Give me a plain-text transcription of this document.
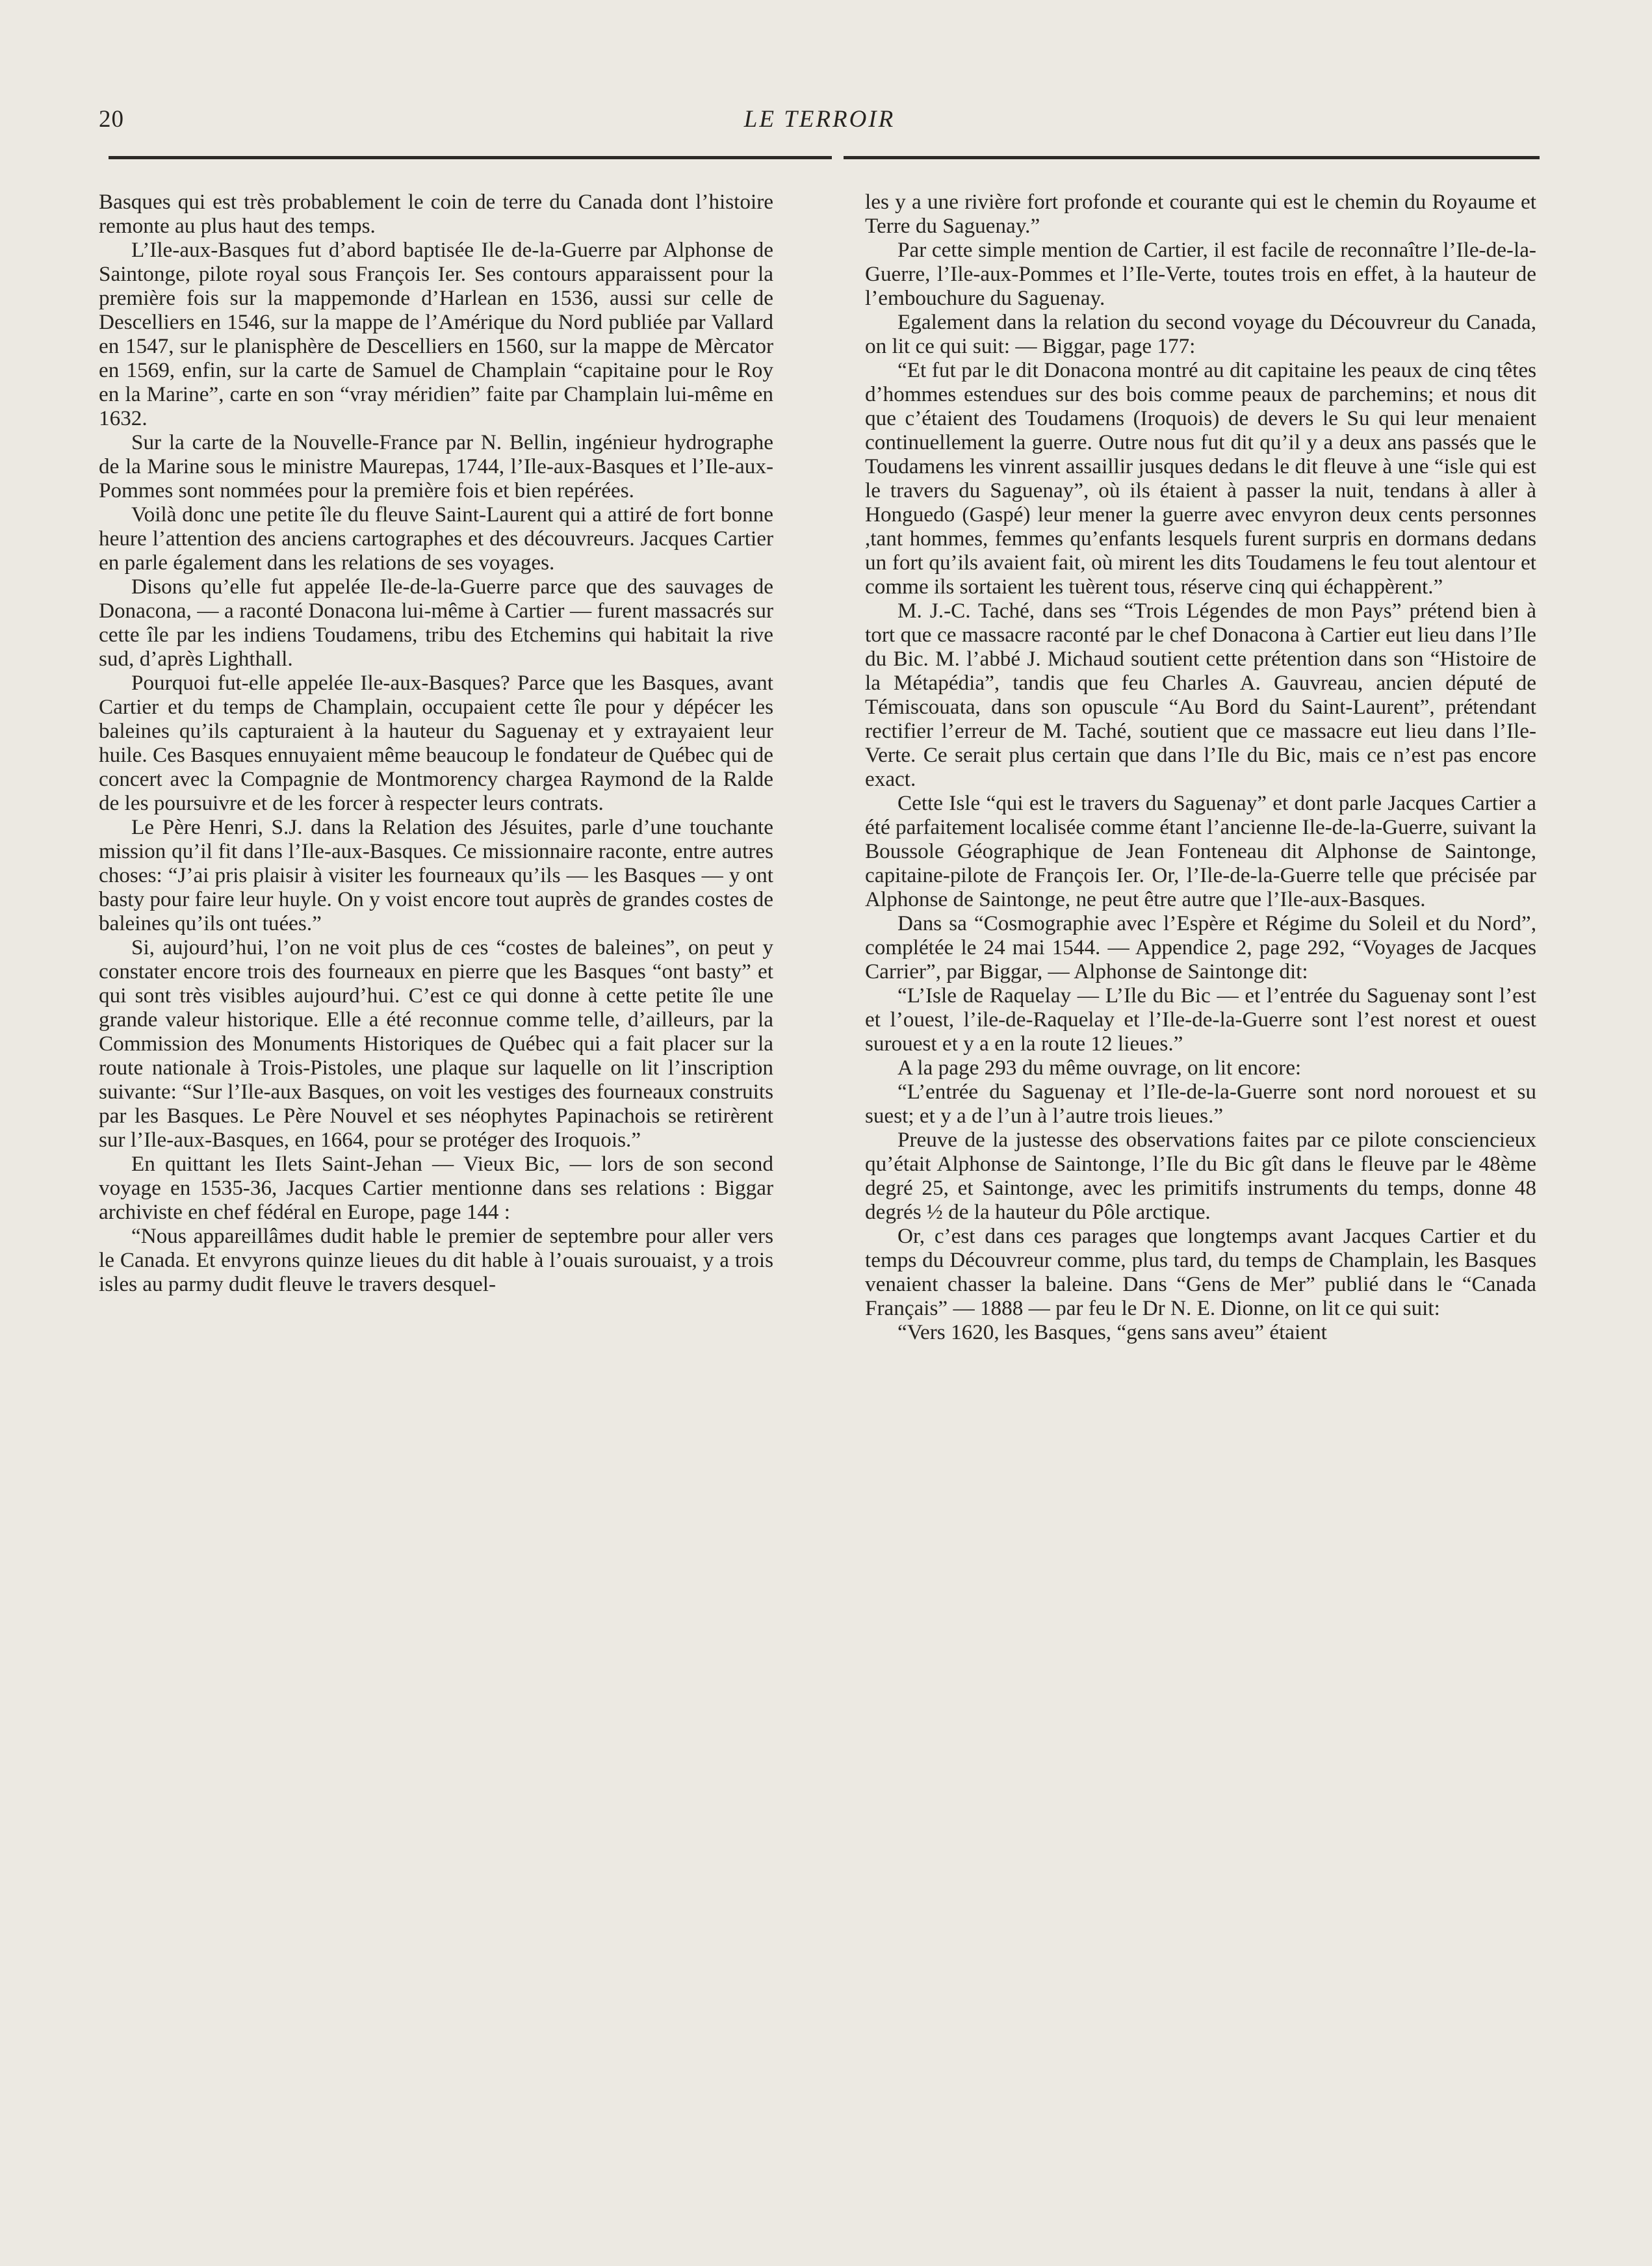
20	LE TERROIR

Basques qui est très probablement le coin de terre du Canada dont l’histoire remonte au plus haut des temps.

L’Ile-aux-Basques fut d’abord baptisée Ile de-la-Guerre par Alphonse de Saintonge, pilote royal sous François Ier. Ses contours apparaissent pour la première fois sur la mappemonde d’Harlean en 1536, aussi sur celle de Descelliers en 1546, sur la mappe de l’Amérique du Nord publiée par Vallard en 1547, sur le planisphère de Descelliers en 1560, sur la mappe de Mèrcator en 1569, enfin, sur la carte de Samuel de Champlain “capitaine pour le Roy en la Marine”, carte en son “vray méridien” faite par Champlain lui-même en 1632.

Sur la carte de la Nouvelle-France par N. Bellin, ingénieur hydrographe de la Marine sous le ministre Maurepas, 1744, l’Ile-aux-Basques et l’Ile-aux-Pommes sont nommées pour la première fois et bien repérées.

Voilà donc une petite île du fleuve Saint-Laurent qui a attiré de fort bonne heure l’attention des anciens cartographes et des découvreurs. Jacques Cartier en parle également dans les relations de ses voyages.

Disons qu’elle fut appelée Ile-de-la-Guerre parce que des sauvages de Donacona, — a raconté Donacona lui-même à Cartier — furent massacrés sur cette île par les indiens Toudamens, tribu des Etchemins qui habitait la rive sud, d’après Lighthall.

Pourquoi fut-elle appelée Ile-aux-Basques? Parce que les Basques, avant Cartier et du temps de Champlain, occupaient cette île pour y dépécer les baleines qu’ils capturaient à la hauteur du Saguenay et y extrayaient leur huile. Ces Basques ennuyaient même beaucoup le fondateur de Québec qui de concert avec la Compagnie de Montmorency chargea Raymond de la Ralde de les poursuivre et de les forcer à respecter leurs contrats.

Le Père Henri, S.J. dans la Relation des Jésuites, parle d’une touchante mission qu’il fit dans l’Ile-aux-Basques. Ce missionnaire raconte, entre autres choses: “J’ai pris plaisir à visiter les fourneaux qu’ils — les Basques — y ont basty pour faire leur huyle. On y voist encore tout auprès de grandes costes de baleines qu’ils ont tuées.”

Si, aujourd’hui, l’on ne voit plus de ces “costes de baleines”, on peut y constater encore trois des fourneaux en pierre que les Basques “ont basty” et qui sont très visibles aujourd’hui. C’est ce qui donne à cette petite île une grande valeur historique. Elle a été reconnue comme telle, d’ailleurs, par la Commission des Monuments Historiques de Québec qui a fait placer sur la route nationale à Trois-Pistoles, une plaque sur laquelle on lit l’inscription suivante: “Sur l’Ile-aux Basques, on voit les vestiges des fourneaux construits par les Basques. Le Père Nouvel et ses néophytes Papinachois se retirèrent sur l’Ile-aux-Basques, en 1664, pour se protéger des Iroquois.”

En quittant les Ilets Saint-Jehan — Vieux Bic, — lors de son second voyage en 1535-36, Jacques Cartier mentionne dans ses relations : Biggar archiviste en chef fédéral en Europe, page 144 :

“Nous appareillâmes dudit hable le premier de septembre pour aller vers le Canada. Et envyrons quinze lieues du dit hable à l’ouais surouaist, y a trois isles au parmy dudit fleuve le travers desquel-

les y a une rivière fort profonde et courante qui est le chemin du Royaume et Terre du Saguenay.”

Par cette simple mention de Cartier, il est facile de reconnaître l’Ile-de-la-Guerre, l’Ile-aux-Pommes et l’Ile-Verte, toutes trois en effet, à la hauteur de l’embouchure du Saguenay.

Egalement dans la relation du second voyage du Découvreur du Canada, on lit ce qui suit: — Biggar, page 177:

“Et fut par le dit Donacona montré au dit capitaine les peaux de cinq têtes d’hommes estendues sur des bois comme peaux de parchemins; et nous dit que c’étaient des Toudamens (Iroquois) de devers le Su qui leur menaient continuellement la guerre. Outre nous fut dit qu’il y a deux ans passés que le Toudamens les vinrent assaillir jusques dedans le dit fleuve à une “isle qui est le travers du Saguenay”, où ils étaient à passer la nuit, tendans à aller à Honguedo (Gaspé) leur mener la guerre avec envyron deux cents personnes ,tant hommes, femmes qu’enfants lesquels furent surpris en dormans dedans un fort qu’ils avaient fait, où mirent les dits Toudamens le feu tout alentour et comme ils sortaient les tuèrent tous, réserve cinq qui échappèrent.”

M. J.-C. Taché, dans ses “Trois Légendes de mon Pays” prétend bien à tort que ce massacre raconté par le chef Donacona à Cartier eut lieu dans l’Ile du Bic. M. l’abbé J. Michaud soutient cette prétention dans son “Histoire de la Métapédia”, tandis que feu Charles A. Gauvreau, ancien député de Témiscouata, dans son opuscule “Au Bord du Saint-Laurent”, prétendant rectifier l’erreur de M. Taché, soutient que ce massacre eut lieu dans l’Ile-Verte. Ce serait plus certain que dans l’Ile du Bic, mais ce n’est pas encore exact.

Cette Isle “qui est le travers du Saguenay” et dont parle Jacques Cartier a été parfaitement localisée comme étant l’ancienne Ile-de-la-Guerre, suivant la Boussole Géographique de Jean Fonteneau dit Alphonse de Saintonge, capitaine-pilote de François Ier. Or, l’Ile-de-la-Guerre telle que précisée par Alphonse de Saintonge, ne peut être autre que l’Ile-aux-Basques.

Dans sa “Cosmographie avec l’Espère et Régime du Soleil et du Nord”, complétée le 24 mai 1544. — Appendice 2, page 292, “Voyages de Jacques Carrier”, par Biggar, — Alphonse de Saintonge dit:

“L’Isle de Raquelay — L’Ile du Bic — et l’entrée du Saguenay sont l’est et l’ouest, l’ile-de-Raquelay et l’Ile-de-la-Guerre sont l’est norest et ouest surouest et y a en la route 12 lieues.”

A la page 293 du même ouvrage, on lit encore:

“L’entrée du Saguenay et l’Ile-de-la-Guerre sont nord norouest et su suest; et y a de l’un à l’autre trois lieues.”

Preuve de la justesse des observations faites par ce pilote consciencieux qu’était Alphonse de Saintonge, l’Ile du Bic gît dans le fleuve par le 48ème degré 25, et Saintonge, avec les primitifs instruments du temps, donne 48 degrés ½ de la hauteur du Pôle arctique.

Or, c’est dans ces parages que longtemps avant Jacques Cartier et du temps du Découvreur comme, plus tard, du temps de Champlain, les Basques venaient chasser la baleine. Dans “Gens de Mer” publié dans le “Canada Français” — 1888 — par feu le Dr N. E. Dionne, on lit ce qui suit:

“Vers 1620, les Basques, “gens sans aveu” étaient
